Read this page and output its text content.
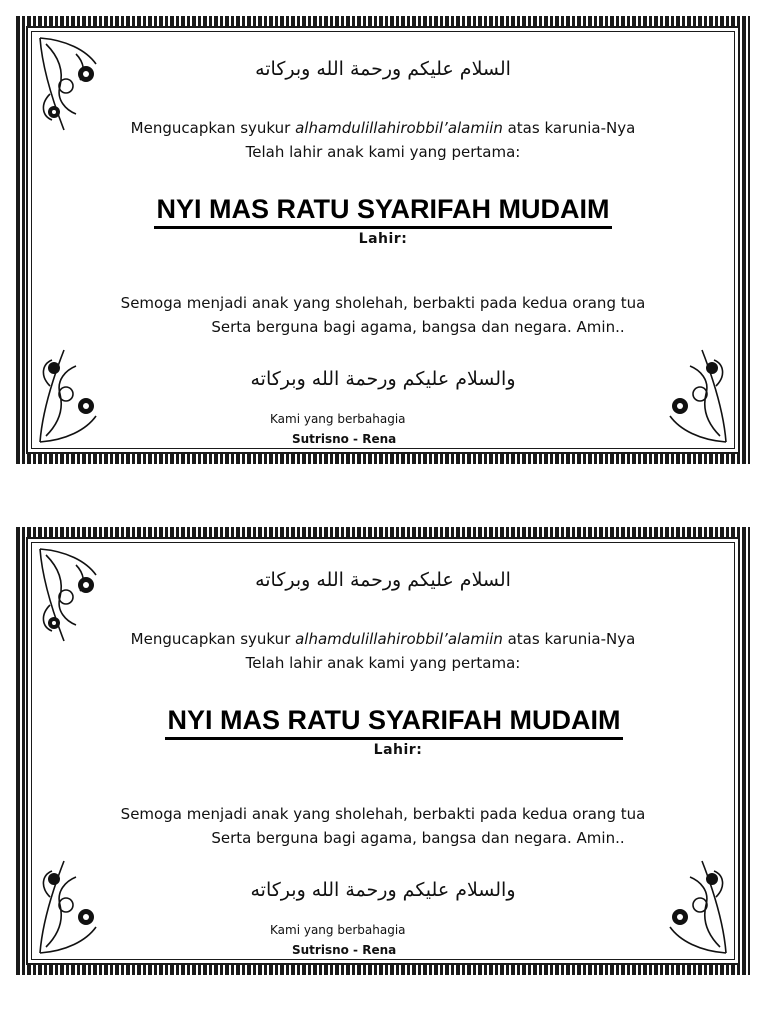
السلام عليكم ورحمة الله وبركاته
Mengucapkan syukur alhamdulillahirobbil’alamiin atas karunia-Nya
Telah lahir anak kami yang pertama:
NYI MAS RATU SYARIFAH MUDAIM
Lahir:
Semoga menjadi anak yang sholehah, berbakti pada kedua orang tua
Serta berguna bagi agama, bangsa dan negara. Amin..
والسلام عليكم ورحمة الله وبركاته
Kami yang berbahagia
Sutrisno - Rena
السلام عليكم ورحمة الله وبركاته
Mengucapkan syukur alhamdulillahirobbil’alamiin atas karunia-Nya
Telah lahir anak kami yang pertama:
NYI MAS RATU SYARIFAH MUDAIM
Lahir:
Semoga menjadi anak yang sholehah, berbakti pada kedua orang tua
Serta berguna bagi agama, bangsa dan negara. Amin..
والسلام عليكم ورحمة الله وبركاته
Kami yang berbahagia
Sutrisno - Rena
